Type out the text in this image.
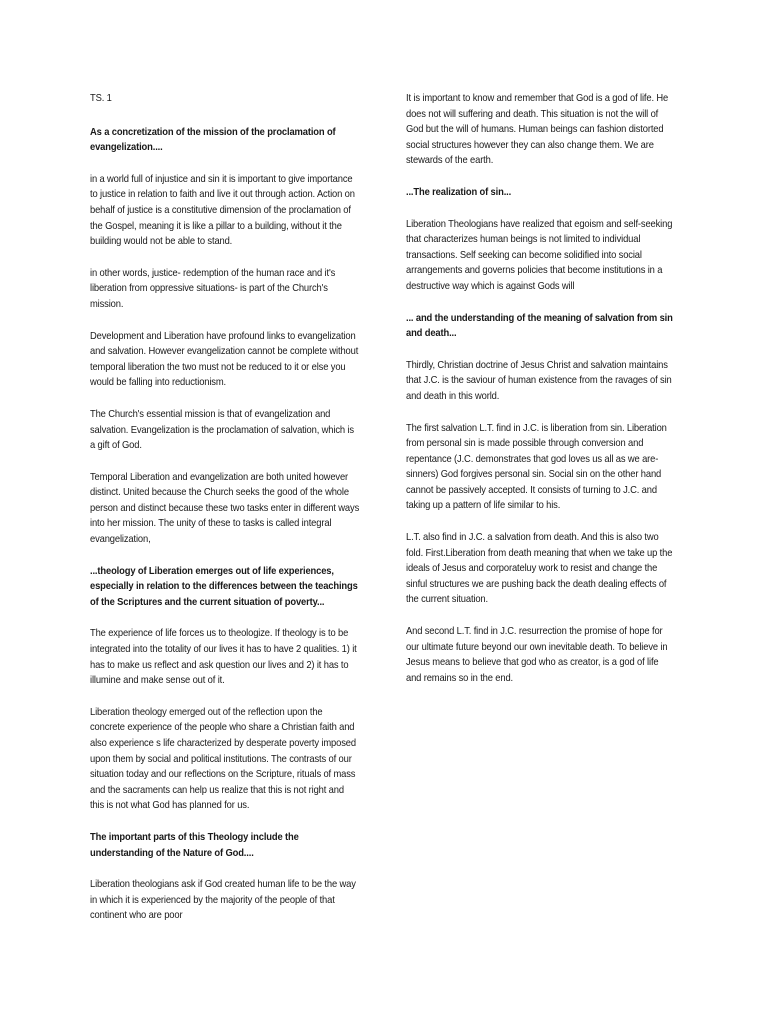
TS. 1

As a concretization of the mission of the proclamation of evangelization....

in a world full of injustice and sin it is important to give importance to justice in relation to faith and live it out through action. Action on behalf of justice is a constitutive dimension of the proclamation of the Gospel, meaning it is like a pillar to a building, without it the building would not be able to stand.

in other words, justice- redemption of the human race and it's liberation from oppressive situations- is part of the Church's mission.

Development and Liberation have profound links to evangelization and salvation. However evangelization cannot be complete without temporal liberation the two must not be reduced to it or else you would be falling into reductionism.

The Church's essential mission is that of evangelization and salvation. Evangelization is the proclamation of salvation, which is a gift of God.

Temporal Liberation and evangelization are both united however distinct. United because the Church seeks the good of the whole person and distinct because these two tasks enter in different ways into her mission. The unity of these to tasks is called integral evangelization,

...theology of Liberation emerges out of life experiences, especially in relation to the differences between the teachings of the Scriptures and the current situation of poverty...

The experience of life forces us to theologize. If theology is to be integrated into the totality of our lives it has to have 2 qualities. 1) it has to make us reflect and ask question our lives and 2) it has to illumine and make sense out of it.

Liberation theology emerged out of the reflection upon the concrete experience of the people who share a Christian faith and also experience s life characterized by desperate poverty imposed upon them by social and political institutions. The contrasts of our situation today and our reflections on the Scripture, rituals of mass and the sacraments can help us realize that this is not right and this is not what God has planned for us.

The important parts of this Theology include the understanding of the Nature of God....

Liberation theologians ask if God created human life to be the way in which it is experienced by the majority of the people of that continent who are poor

It is important to know and remember that God is a god of life. He does not will suffering and death. This situation is not the will of God but the will of humans. Human beings can fashion distorted social structures however they can also change them. We are stewards of the earth.

...The realization of sin...

Liberation Theologians have realized that egoism and self-seeking that characterizes human beings is not limited to individual transactions. Self seeking can become solidified into social arrangements and governs policies that become institutions in a destructive way which is against Gods will

... and the understanding of the meaning of salvation from sin and death...

Thirdly, Christian doctrine of Jesus Christ and salvation maintains that J.C. is the saviour of human existence from the ravages of sin and death in this world.

The first salvation L.T. find in J.C. is liberation from sin. Liberation from personal sin is made possible through conversion and repentance (J.C. demonstrates that god loves us all as we are- sinners) God forgives personal sin. Social sin on the other hand cannot be passively accepted. It consists of turning to J.C. and taking up a pattern of life similar to his.

L.T. also find in J.C. a salvation from death. And this is also two fold. First.Liberation from death meaning that when we take up the ideals of Jesus and corporateluy work to resist and change the sinful structures we are pushing back the death dealing effects of the current situation.

And second L.T. find in J.C. resurrection the promise of hope for our ultimate future beyond our own inevitable death. To believe in Jesus means to believe that god who as creator, is a god of life and remains so in the end.
